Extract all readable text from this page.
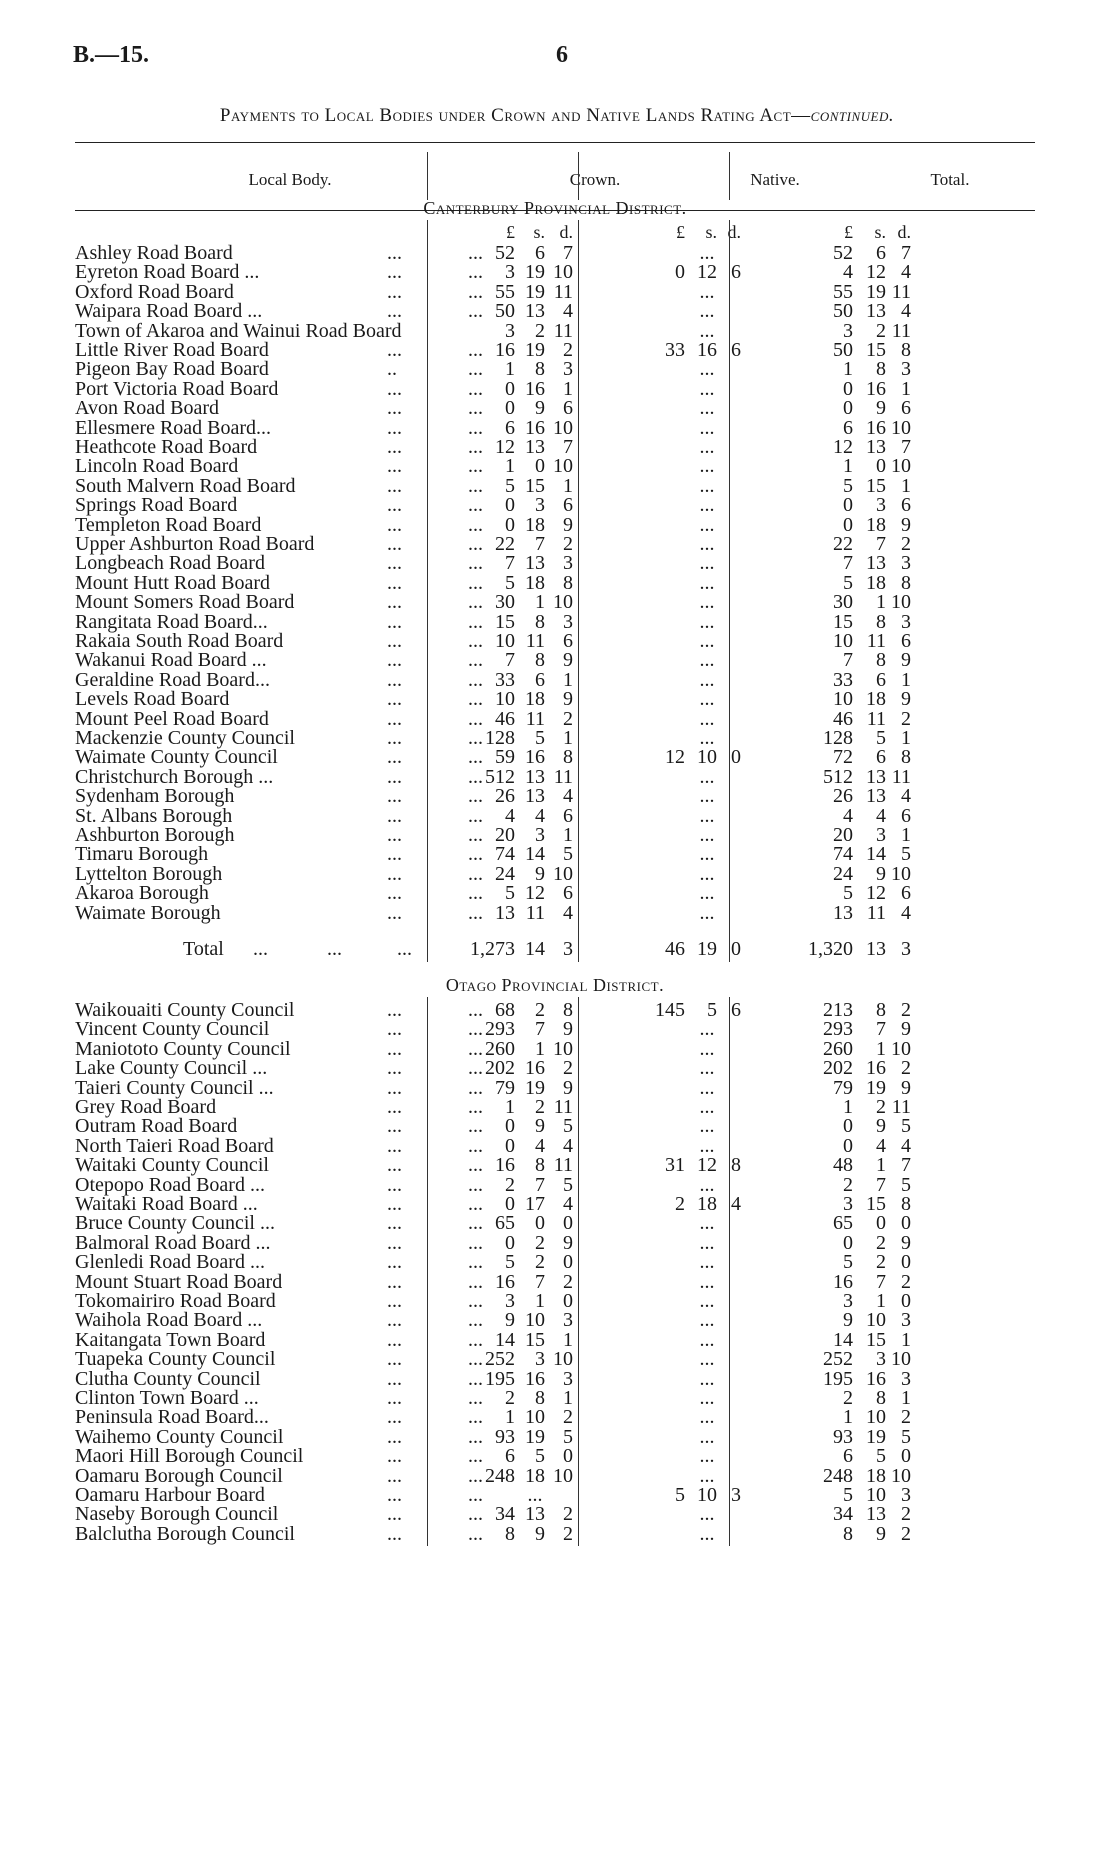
B.—15.	6
Payments to Local Bodies under Crown and Native Lands Rating Act—continued.
Local Body.	Crown.	Native.	Total.
Canterbury Provincial District.
£ s. d.	£ s. d.	£ s. d.
Ashley Road Board	...	... 52 6 7	...	52 6 7
Eyreton Road Board ...	...	... 3 19 10	0 12 6	4 12 4
Oxford Road Board	...	... 55 19 11	...	55 19 11
Waipara Road Board ...	...	... 50 13 4	...	50 13 4
Town of Akaroa and Wainui Road Board	3 2 11	...	3 2 11
Little River Road Board	...	... 16 19 2	33 16 6	50 15 8
Pigeon Bay Road Board	..	... 1 8 3	...	1 8 3
Port Victoria Road Board	...	... 0 16 1	...	0 16 1
Avon Road Board	...	... 0 9 6	...	0 9 6
Ellesmere Road Board...	...	... 6 16 10	...	6 16 10
Heathcote Road Board	...	... 12 13 7	...	12 13 7
Lincoln Road Board	...	... 1 0 10	...	1 0 10
South Malvern Road Board	...	... 5 15 1	...	5 15 1
Springs Road Board	...	... 0 3 6	...	0 3 6
Templeton Road Board	...	... 0 18 9	...	0 18 9
Upper Ashburton Road Board	...	... 22 7 2	...	22 7 2
Longbeach Road Board	...	... 7 13 3	...	7 13 3
Mount Hutt Road Board	...	... 5 18 8	...	5 18 8
Mount Somers Road Board	...	... 30 1 10	...	30 1 10
Rangitata Road Board...	...	... 15 8 3	...	15 8 3
Rakaia South Road Board	...	... 10 11 6	...	10 11 6
Wakanui Road Board ...	...	... 7 8 9	...	7 8 9
Geraldine Road Board...	...	... 33 6 1	...	33 6 1
Levels Road Board	...	... 10 18 9	...	10 18 9
Mount Peel Road Board	...	... 46 11 2	...	46 11 2
Mackenzie County Council	...	... 128 5 1	...	128 5 1
Waimate County Council	...	... 59 16 8	12 10 0	72 6 8
Christchurch Borough ...	...	... 512 13 11	...	512 13 11
Sydenham Borough	...	... 26 13 4	...	26 13 4
St. Albans Borough	...	... 4 4 6	...	4 4 6
Ashburton Borough	...	... 20 3 1	...	20 3 1
Timaru Borough	...	... 74 14 5	...	74 14 5
Lyttelton Borough	...	... 24 9 10	...	24 9 10
Akaroa Borough	...	... 5 12 6	...	5 12 6
Waimate Borough	...	... 13 11 4	...	13 11 4
Total ...	...	...	1,273 14 3	46 19 0	1,320 13 3
Otago Provincial District.
Waikouaiti County Council	...	... 68 2 8	145 5 6	213 8 2
Vincent County Council	...	... 293 7 9	...	293 7 9
Maniototo County Council	...	... 260 1 10	...	260 1 10
Lake County Council ...	...	... 202 16 2	...	202 16 2
Taieri County Council ...	...	... 79 19 9	...	79 19 9
Grey Road Board	...	... 1 2 11	...	1 2 11
Outram Road Board	...	... 0 9 5	...	0 9 5
North Taieri Road Board	...	... 0 4 4	...	0 4 4
Waitaki County Council	...	... 16 8 11	31 12 8	48 1 7
Otepopo Road Board ...	...	... 2 7 5	...	2 7 5
Waitaki Road Board ...	...	... 0 17 4	2 18 4	3 15 8
Bruce County Council ...	...	... 65 0 0	...	65 0 0
Balmoral Road Board ...	...	... 0 2 9	...	0 2 9
Glenledi Road Board ...	...	... 5 2 0	...	5 2 0
Mount Stuart Road Board	...	... 16 7 2	...	16 7 2
Tokomairiro Road Board	...	... 3 1 0	...	3 1 0
Waihola Road Board ...	...	... 9 10 3	...	9 10 3
Kaitangata Town Board	...	... 14 15 1	...	14 15 1
Tuapeka County Council	...	... 252 3 10	...	252 3 10
Clutha County Council	...	... 195 16 3	...	195 16 3
Clinton Town Board ...	...	... 2 8 1	...	2 8 1
Peninsula Road Board...	...	... 1 10 2	...	1 10 2
Waihemo County Council	...	... 93 19 5	...	93 19 5
Maori Hill Borough Council	...	... 6 5 0	...	6 5 0
Oamaru Borough Council	...	... 248 18 10	...	248 18 10
Oamaru Harbour Board	...	...	...	5 10 3	5 10 3
Naseby Borough Council	...	... 34 13 2	...	34 13 2
Balclutha Borough Council	...	... 8 9 2	...	8 9 2
